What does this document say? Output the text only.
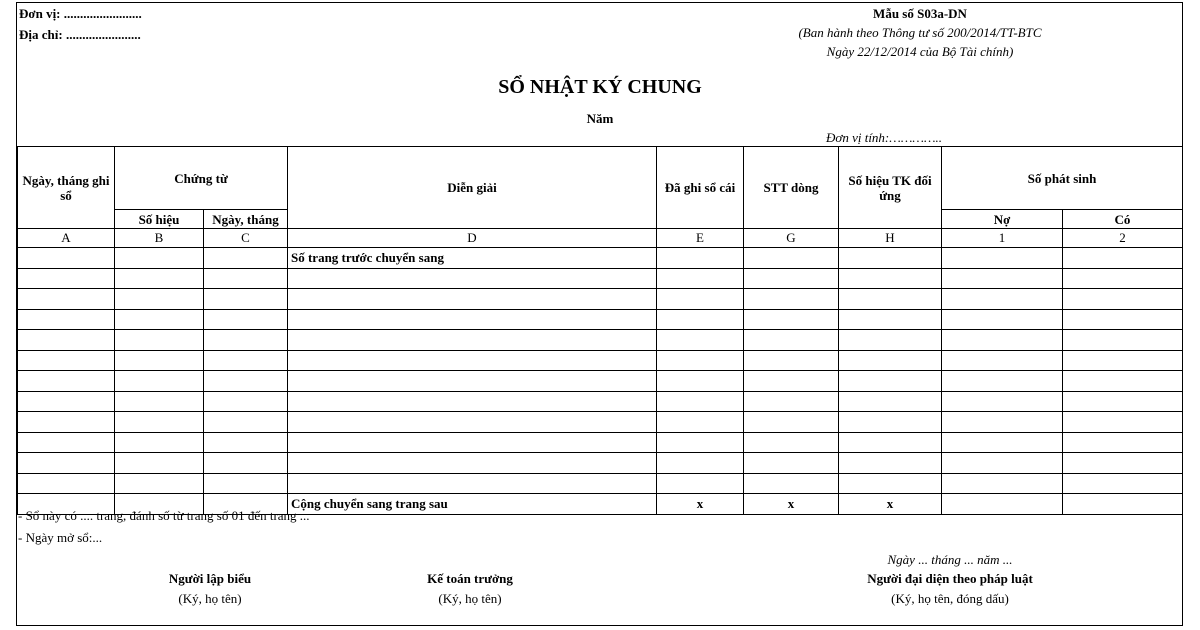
Đơn vị: ........................
Địa chỉ: .......................
Mẫu số S03a-DN
(Ban hành theo Thông tư số 200/2014/TT-BTC
Ngày 22/12/2014 của Bộ Tài chính)
SỔ NHẬT KÝ CHUNG
Năm
Đơn vị tính:…………..
Ngày, tháng ghi sổ	Chứng từ		Diễn giải	Đã ghi sổ cái	STT dòng	Số hiệu TK đối ứng	Số phát sinh	
	Số hiệu	Ngày, tháng					Nợ	Có
A	B	C	D	E	G	H	1	2
			Số trang trước chuyển sang					

			Cộng chuyển sang trang sau	x	x	x		
- Sổ này có .... trang, đánh số từ trang số 01 đến trang ...
- Ngày mở sổ:...
Ngày ... tháng ... năm ...
Người lập biểu
(Ký, họ tên)
Kế toán trưởng
(Ký, họ tên)
Người đại diện theo pháp luật
(Ký, họ tên, đóng dấu)
